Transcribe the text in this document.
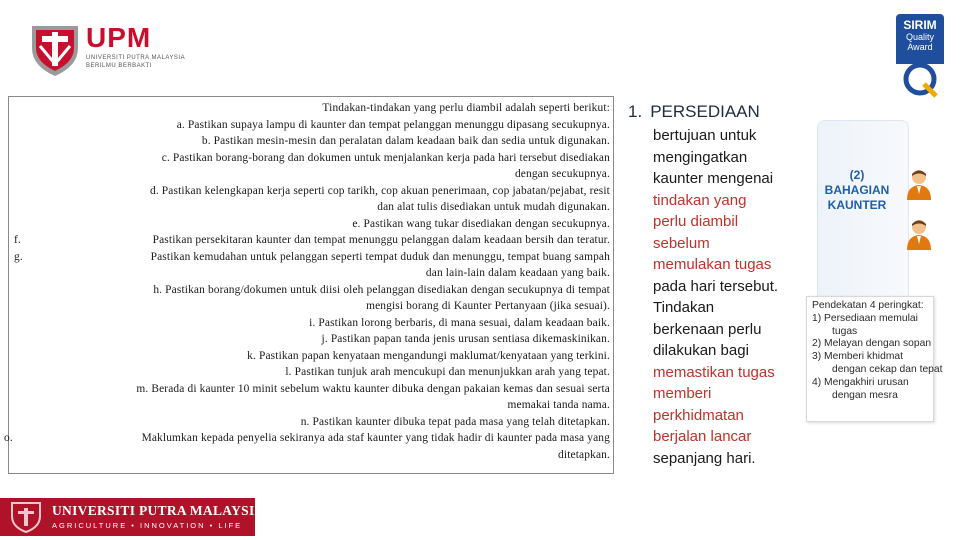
UPM
UNIVERSITI PUTRA MALAYSIA
BERILMU BERBAKTI
SIRIM
Quality
Award
Tindakan-tindakan yang perlu diambil adalah seperti berikut:
a. Pastikan supaya lampu di kaunter dan tempat pelanggan menunggu dipasang secukupnya.
b. Pastikan mesin-mesin dan peralatan dalam keadaan baik dan sedia untuk digunakan.
c. Pastikan borang-borang dan dokumen untuk menjalankan kerja pada hari tersebut disediakan
dengan secukupnya.
d. Pastikan kelengkapan kerja seperti cop tarikh, cop akuan penerimaan, cop jabatan/pejabat, resit
dan alat tulis disediakan untuk mudah digunakan.
e. Pastikan wang tukar disediakan dengan secukupnya.
f.	Pastikan persekitaran kaunter dan tempat menunggu pelanggan dalam keadaan bersih dan teratur.
g.	Pastikan kemudahan untuk pelanggan seperti tempat duduk dan menunggu, tempat buang sampah
dan lain-lain dalam keadaan yang baik.
h. Pastikan borang/dokumen untuk diisi oleh pelanggan disediakan dengan secukupnya di tempat
mengisi borang di Kaunter Pertanyaan (jika sesuai).
i. Pastikan lorong berbaris, di mana sesuai, dalam keadaan baik.
j. Pastikan papan tanda jenis urusan sentiasa dikemaskinikan.
k. Pastikan papan kenyataan mengandungi maklumat/kenyataan yang terkini.
l. Pastikan tunjuk arah mencukupi dan menunjukkan arah yang tepat.
m. Berada di kaunter 10 minit sebelum waktu kaunter dibuka dengan pakaian kemas dan sesuai serta
memakai tanda nama.
n. Pastikan kaunter dibuka tepat pada masa yang telah ditetapkan.
o.	Maklumkan kepada penyelia sekiranya ada staf kaunter yang tidak hadir di kaunter pada masa yang
ditetapkan.
1. PERSEDIAAN
bertujuan untuk
mengingatkan
kaunter mengenai
tindakan yang
perlu diambil
sebelum
memulakan tugas
pada hari tersebut.
Tindakan
berkenaan perlu
dilakukan bagi
memastikan tugas
memberi
perkhidmatan
berjalan lancar
sepanjang hari.
(2)
BAHAGIAN
KAUNTER
Pendekatan 4 peringkat:
1) Persediaan memulai
tugas
2) Melayan dengan sopan
3) Memberi khidmat
dengan cekap dan tepat
4) Mengakhiri urusan
dengan mesra
UNIVERSITI PUTRA MALAYSIA
AGRICULTURE • INNOVATION • LIFE
